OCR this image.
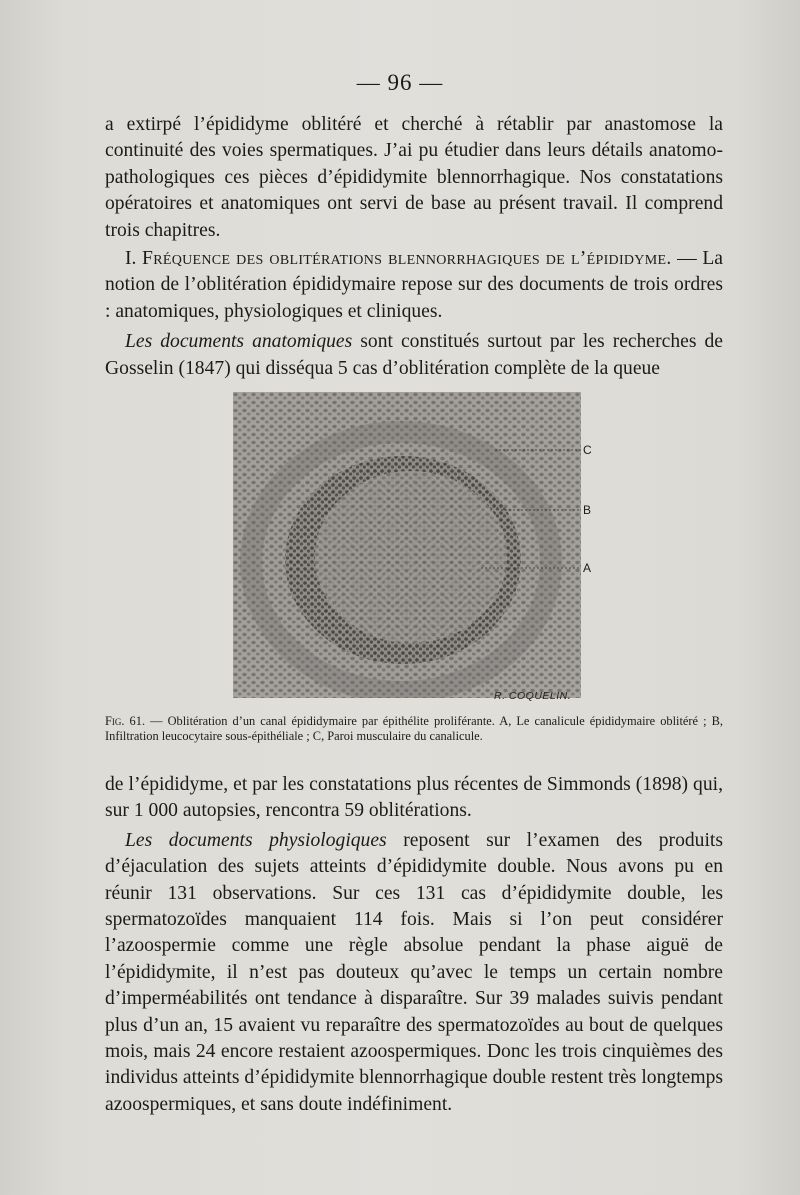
— 96 —

a extirpé l’épididyme oblitéré et cherché à rétablir par anastomose la continuité des voies spermatiques. J’ai pu étudier dans leurs détails anatomo-pathologiques ces pièces d’épididymite blennorrhagique. Nos constatations opératoires et anatomiques ont servi de base au présent travail. Il comprend trois chapitres.

I. Fréquence des oblitérations blennorrhagiques de l’épididyme. — La notion de l’oblitération épididymaire repose sur des documents de trois ordres : anatomiques, physiologiques et cliniques.

Les documents anatomiques sont constitués surtout par les recherches de Gosselin (1847) qui disséqua 5 cas d’oblitération complète de la queue

C
B
A
R. COQUELIN.
Fig. 61. — Oblitération d’un canal épididymaire par épithélite proliférante. A, Le canalicule épididymaire oblitéré ; B, Infiltration leucocytaire sous-épithéliale ; C, Paroi musculaire du canalicule.

de l’épididyme, et par les constatations plus récentes de Simmonds (1898) qui, sur 1 000 autopsies, rencontra 59 oblitérations.

Les documents physiologiques reposent sur l’examen des produits d’éjaculation des sujets atteints d’épididymite double. Nous avons pu en réunir 131 observations. Sur ces 131 cas d’épididymite double, les spermatozoïdes manquaient 114 fois. Mais si l’on peut considérer l’azoospermie comme une règle absolue pendant la phase aiguë de l’épididymite, il n’est pas douteux qu’avec le temps un certain nombre d’imperméabilités ont tendance à disparaître. Sur 39 malades suivis pendant plus d’un an, 15 avaient vu reparaître des spermatozoïdes au bout de quelques mois, mais 24 encore restaient azoospermiques. Donc les trois cinquièmes des individus atteints d’épididymite blennorrhagique double restent très longtemps azoospermiques, et sans doute indéfiniment.
